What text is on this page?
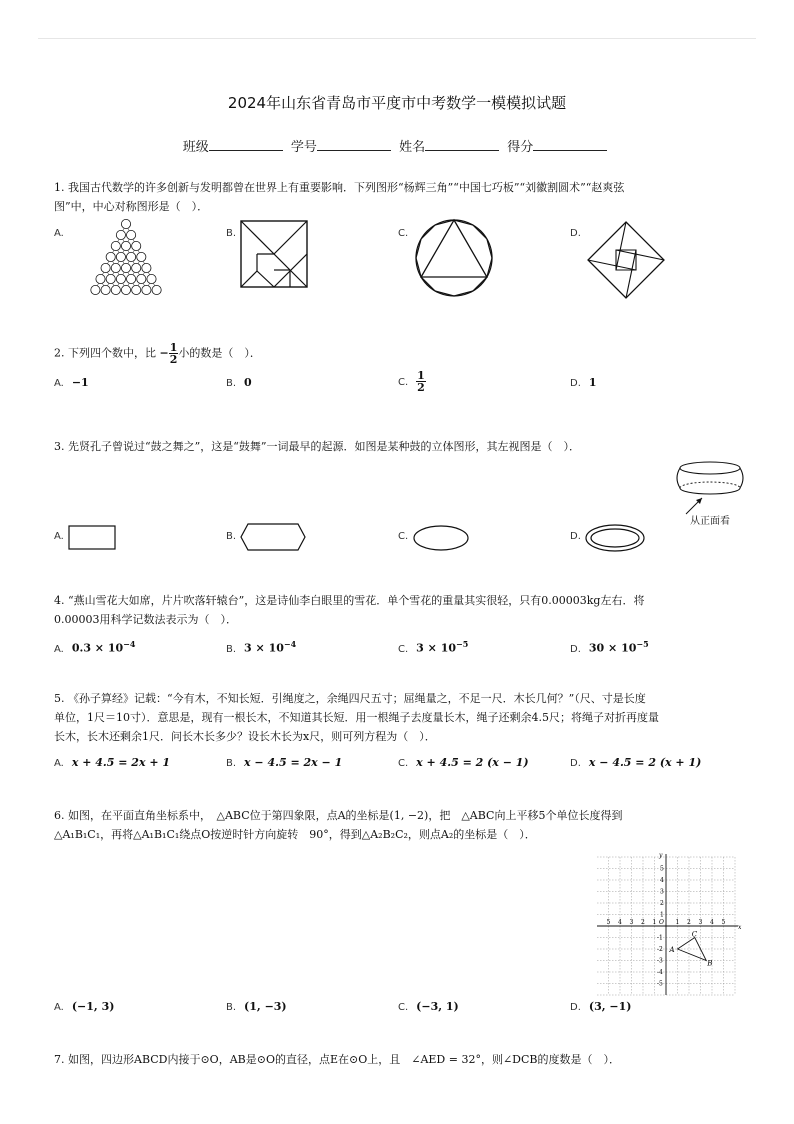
2024年山东省青岛市平度市中考数学一模模拟试题
班级	学号	姓名	得分
1. 我国古代数学的许多创新与发明都曾在世界上有重要影响．下列图形“杨辉三角”“中国七巧板”“刘徽割圆术”“赵爽弦
图”中，中心对称图形是（　）．
A.	B.	C.	D.
2. 下列四个数中，比 − $\frac{1}{2}$ 小的数是（　）．
A. −1	B. 0	C. $\frac{1}{2}$	D. 1
3. 先贤孔子曾说过“鼓之舞之”，这是“鼓舞”一词最早的起源．如图是某种鼓的立体图形，其左视图是（　）．
从正面看
A.	B.	C.	D.
4. “燕山雪花大如席，片片吹落轩辕台”，这是诗仙李白眼里的雪花．单个雪花的重量其实很轻，只有0.00003kg左右．将
0.00003用科学记数法表示为（　）．
A. $0.3 \times 10^{-4}$	B. $3 \times 10^{-4}$	C. $3 \times 10^{-5}$	D. $30 \times 10^{-5}$
5. 《孙子算经》记载：“今有木，不知长短．引绳度之，余绳四尺五寸；屈绳量之，不足一尺．木长几何？”（尺、寸是长度
单位，1尺＝10寸）．意思是，现有一根长木，不知道其长短．用一根绳子去度量长木，绳子还剩余4.5尺；将绳子对折再度量
长木，长木还剩余1尺．问长木长多少？设长木长为x尺，则可列方程为（　）．
A. x + 4.5 = 2x + 1	B. x − 4.5 = 2x − 1	C. x + 4.5 = 2 (x − 1)	D. x − 4.5 = 2 (x + 1)
6. 如图，在平面直角坐标系中，　△ABC位于第四象限，点A的坐标是(1, −2)，把　△ABC向上平移5个单位长度得到
△A₁B₁C₁，再将△A₁B₁C₁绕点O按逆时针方向旋转　90°，得到△A₂B₂C₂，则点A₂的坐标是（　）．
x
y
5 4 3 2 1 O 1 2 3 4 5
5
4
3
2
1
-1
-2
-3
-4
-5
A
B
C
A. (−1, 3)	B. (1, −3)	C. (−3, 1)	D. (3, −1)
7. 如图，四边形ABCD内接于⊙O，AB是⊙O的直径，点E在⊙O上，且　∠AED = 32°，则∠DCB的度数是（　）．
